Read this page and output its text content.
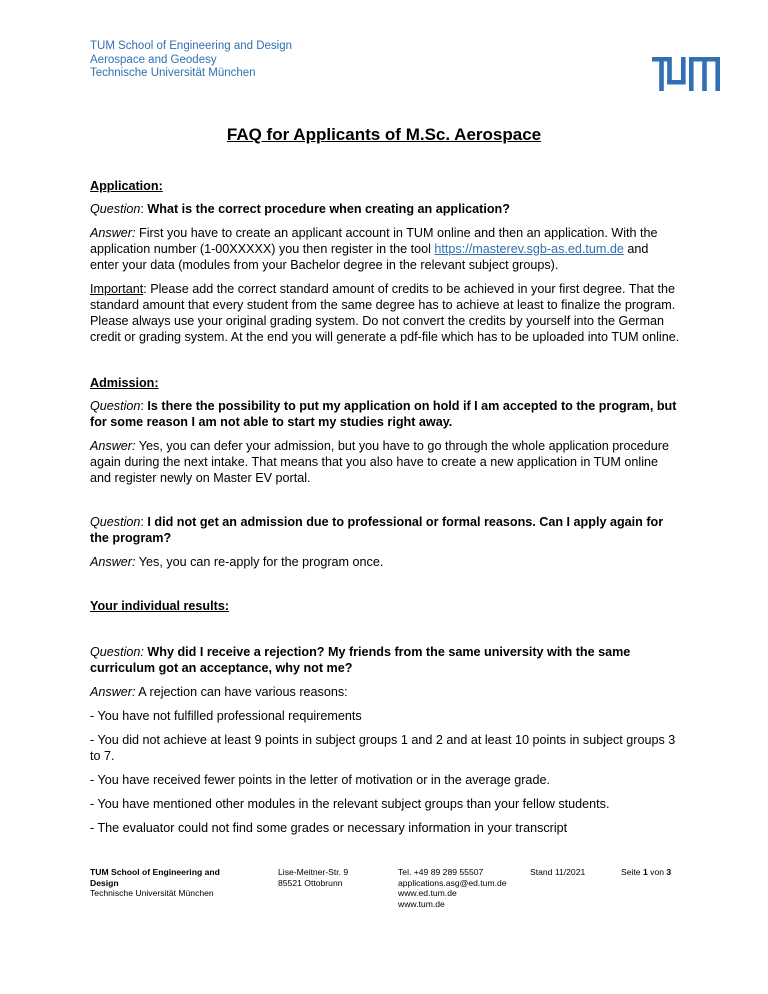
TUM School of Engineering and Design
Aerospace and Geodesy
Technische Universität München
FAQ for Applicants of M.Sc. Aerospace

Application:

Question: What is the correct procedure when creating an application?

Answer: First you have to create an applicant account in TUM online and then an application. With the application number (1-00XXXXX) you then register in the tool https://masterev.sgb-as.ed.tum.de and enter your data (modules from your Bachelor degree in the relevant subject groups).

Important: Please add the correct standard amount of credits to be achieved in your first degree. That the standard amount that every student from the same degree has to achieve at least to finalize the program. Please always use your original grading system. Do not convert the credits by yourself into the German credit or grading system. At the end you will generate a pdf-file which has to be uploaded into TUM online.

Admission:

Question: Is there the possibility to put my application on hold if I am accepted to the program, but for some reason I am not able to start my studies right away.

Answer: Yes, you can defer your admission, but you have to go through the whole application procedure again during the next intake. That means that you also have to create a new application in TUM online and register newly on Master EV portal.

Question: I did not get an admission due to professional or formal reasons. Can I apply again for the program?

Answer: Yes, you can re-apply for the program once.

Your individual results:

Question: Why did I receive a rejection? My friends from the same university with the same curriculum got an acceptance, why not me?

Answer: A rejection can have various reasons:

- You have not fulfilled professional requirements

- You did not achieve at least 9 points in subject groups 1 and 2 and at least 10 points in subject groups 3 to 7.

- You have received fewer points in the letter of motivation or in the average grade.

- You have mentioned other modules in the relevant subject groups than your fellow students.

- The evaluator could not find some grades or necessary information in your transcript

TUM School of Engineering and Design
Technische Universität München
Lise-Meitner-Str. 9
85521 Ottobrunn
Tel. +49 89 289 55507
applications.asg@ed.tum.de
www.ed.tum.de
www.tum.de
Stand 11/2021	Seite 1 von 3
